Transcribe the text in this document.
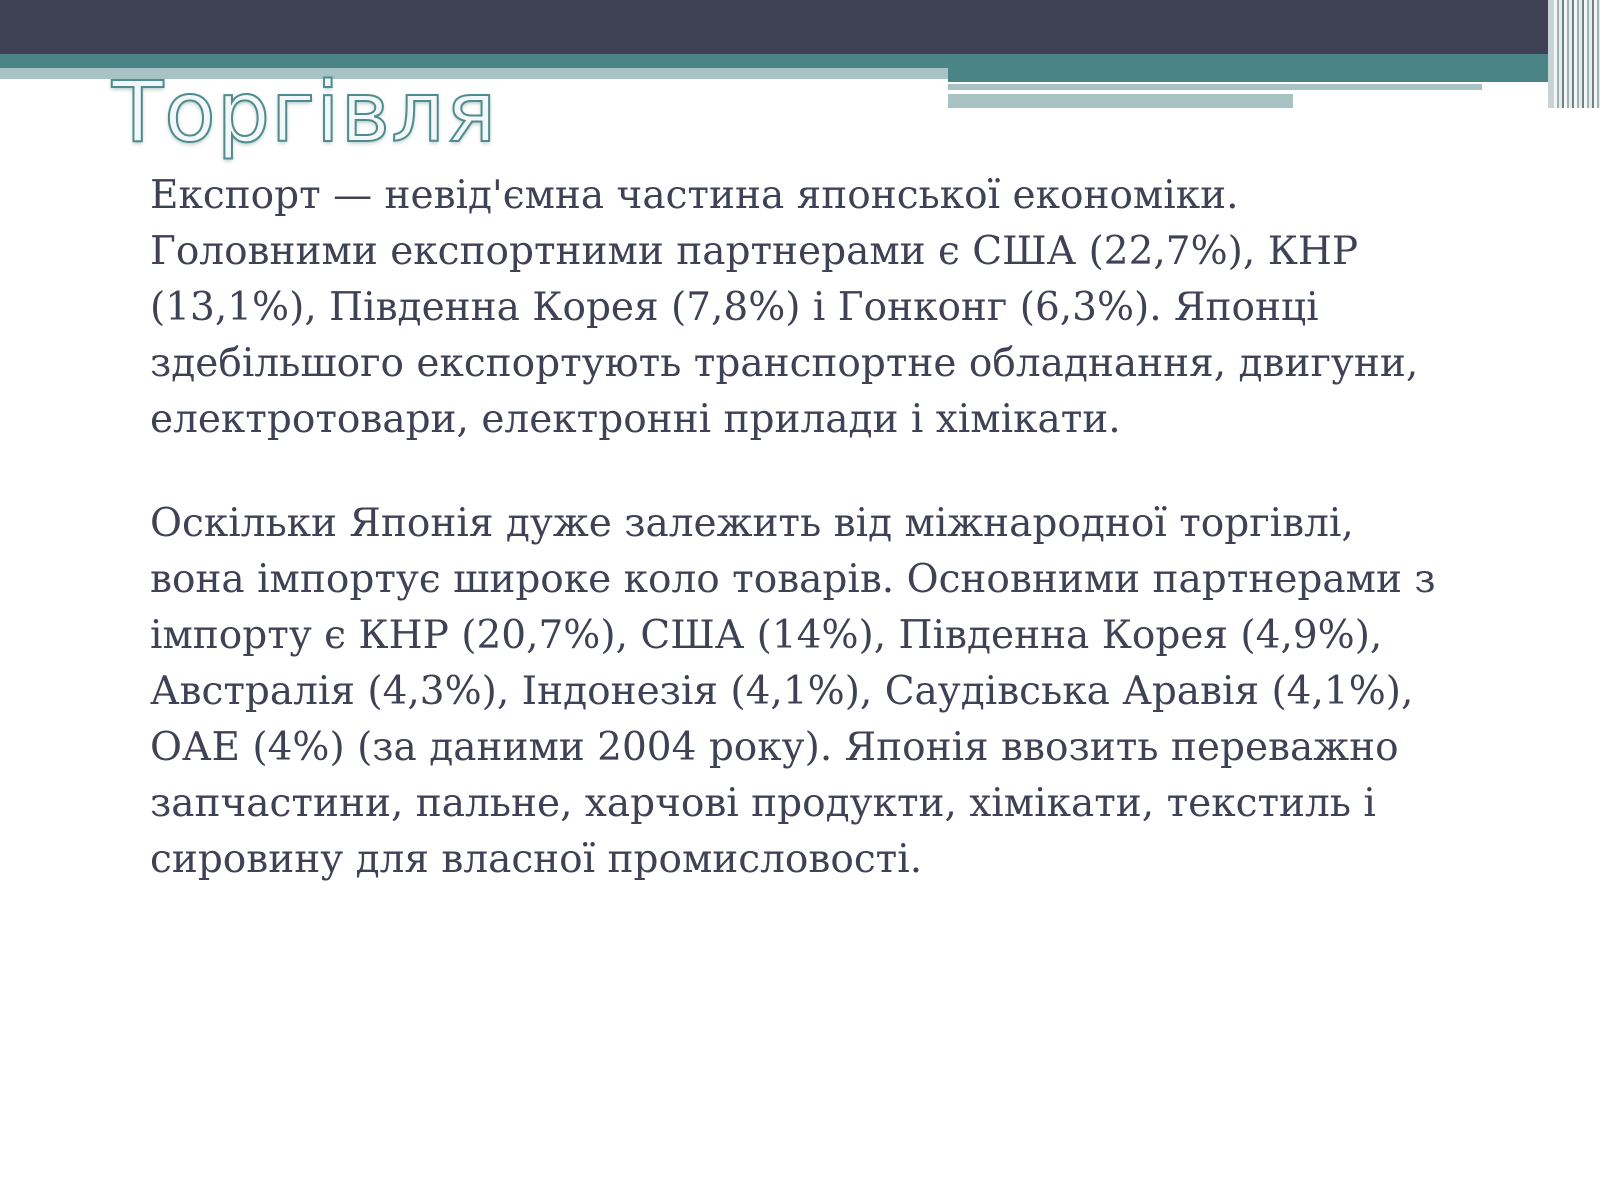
Торгівля

Експорт — невід'ємна частина японської економіки. Головними експортними партнерами є США (22,7%), КНР (13,1%), Південна Корея (7,8%) і Гонконг (6,3%). Японці здебільшого експортують транспортне обладнання, двигуни, електротовари, електронні прилади і хімікати.

Оскільки Японія дуже залежить від міжнародної торгівлі, вона імпортує широке коло товарів. Основними партнерами з імпорту є КНР (20,7%), США (14%), Південна Корея (4,9%), Австралія (4,3%), Індонезія (4,1%), Саудівська Аравія (4,1%), ОАЕ (4%) (за даними 2004 року). Японія ввозить переважно запчастини, пальне, харчові продукти, хімікати, текстиль і сировину для власної промисловості.
